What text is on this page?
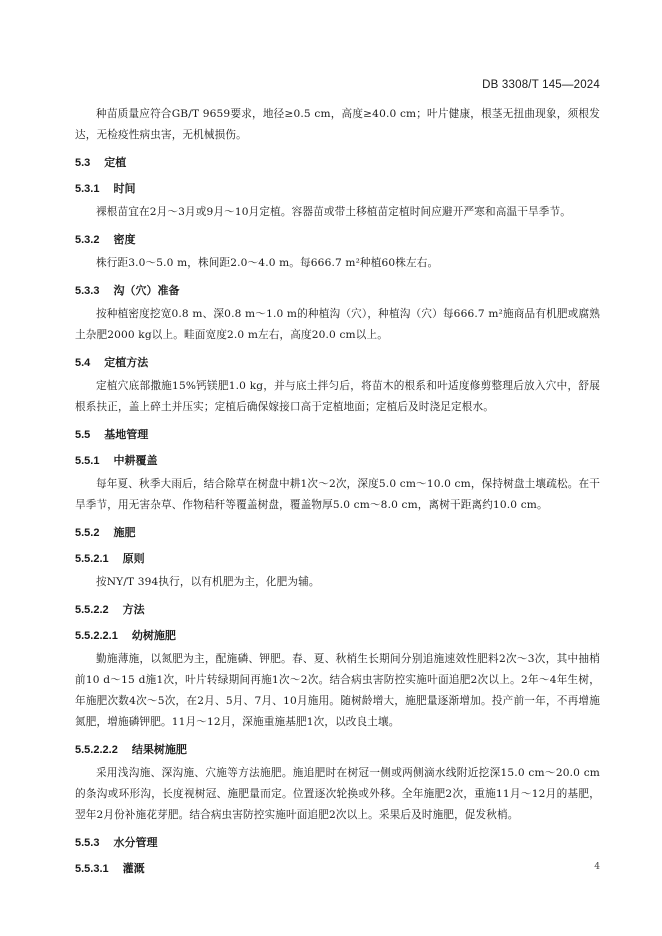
DB 3308/T 145—2024

种苗质量应符合GB/T 9659要求，地径≥0.5 cm，高度≥40.0 cm；叶片健康，根茎无扭曲现象，须根发达，无检疫性病虫害，无机械损伤。

5.3 定植
5.3.1 时间

裸根苗宜在2月～3月或9月～10月定植。容器苗或带土移植苗定植时间应避开严寒和高温干旱季节。

5.3.2 密度

株行距3.0～5.0 m，株间距2.0～4.0 m。每666.7 m²种植60株左右。

5.3.3 沟（穴）准备

按种植密度挖宽0.8 m、深0.8 m～1.0 m的种植沟（穴），种植沟（穴）每666.7 m²施商品有机肥或腐熟土杂肥2000 kg以上。畦面宽度2.0 m左右，高度20.0 cm以上。

5.4 定植方法

定植穴底部撒施15%钙镁肥1.0 kg，并与底土拌匀后，将苗木的根系和叶适度修剪整理后放入穴中，舒展根系扶正，盖上碎土并压实；定植后确保嫁接口高于定植地面；定植后及时浇足定根水。

5.5 基地管理
5.5.1 中耕覆盖

每年夏、秋季大雨后，结合除草在树盘中耕1次～2次，深度5.0 cm～10.0 cm，保持树盘土壤疏松。在干旱季节，用无害杂草、作物秸秆等覆盖树盘，覆盖物厚5.0 cm～8.0 cm，离树干距离约10.0 cm。

5.5.2 施肥
5.5.2.1 原则

按NY/T 394执行，以有机肥为主，化肥为辅。

5.5.2.2 方法
5.5.2.2.1 幼树施肥

勤施薄施，以氮肥为主，配施磷、钾肥。春、夏、秋梢生长期间分别追施速效性肥料2次～3次，其中抽梢前10 d～15 d施1次，叶片转绿期间再施1次～2次。结合病虫害防控实施叶面追肥2次以上。2年～4年生树，年施肥次数4次～5次，在2月、5月、7月、10月施用。随树龄增大，施肥量逐渐增加。投产前一年，不再增施氮肥，增施磷钾肥。11月～12月，深施重施基肥1次，以改良土壤。

5.5.2.2.2 结果树施肥

采用浅沟施、深沟施、穴施等方法施肥。施追肥时在树冠一侧或两侧滴水线附近挖深15.0 cm～20.0 cm的条沟或环形沟，长度视树冠、施肥量而定。位置逐次轮换或外移。全年施肥2次，重施11月～12月的基肥，翌年2月份补施花芽肥。结合病虫害防控实施叶面追肥2次以上。采果后及时施肥，促发秋梢。

5.5.3 水分管理
5.5.3.1 灌溉	4
